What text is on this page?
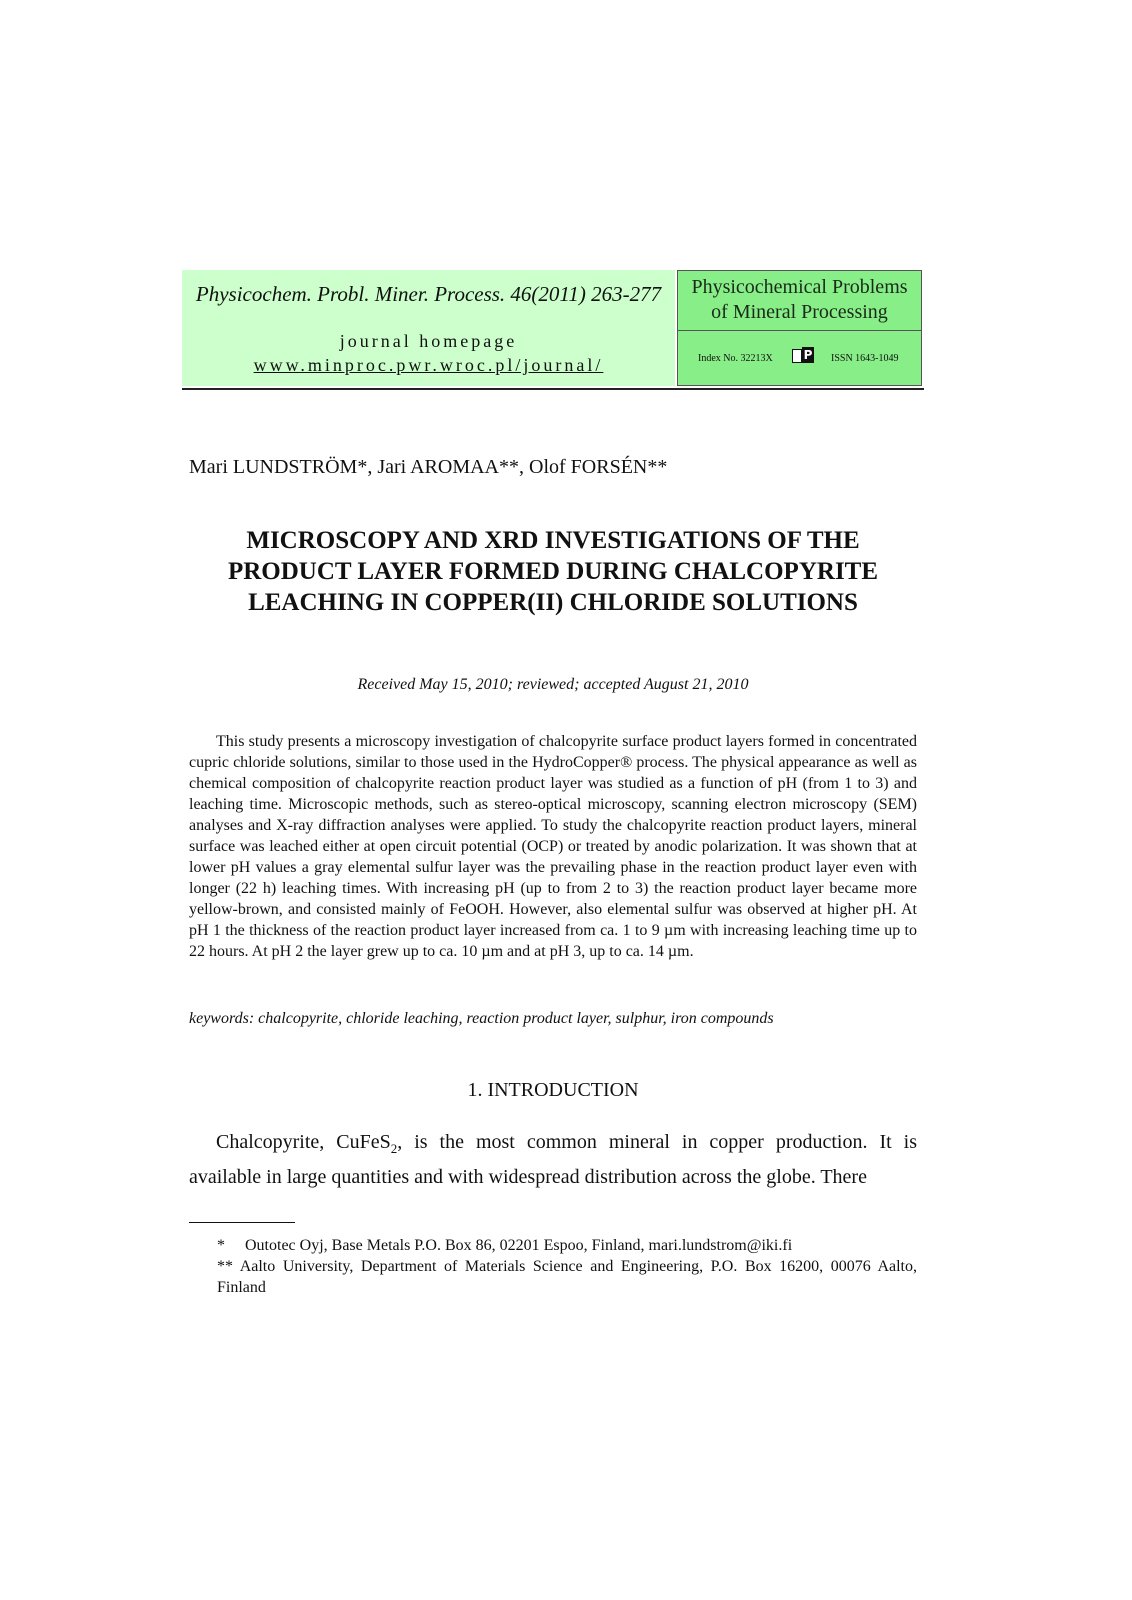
Physicochem. Probl. Miner. Process. 46(2011) 263-277
journal homepage
www.minproc.pwr.wroc.pl/journal/
Physicochemical Problems
of Mineral Processing
Index No. 32213X	P ISSN 1643-1049
Mari LUNDSTRÖM*, Jari AROMAA**, Olof FORSÉN**
MICROSCOPY AND XRD INVESTIGATIONS OF THE
PRODUCT LAYER FORMED DURING CHALCOPYRITE
LEACHING IN COPPER(II) CHLORIDE SOLUTIONS
Received May 15, 2010; reviewed; accepted August 21, 2010

This study presents a microscopy investigation of chalcopyrite surface product layers formed in concentrated cupric chloride solutions, similar to those used in the HydroCopper® process. The physical appearance as well as chemical composition of chalcopyrite reaction product layer was studied as a function of pH (from 1 to 3) and leaching time. Microscopic methods, such as stereo-optical microscopy, scanning electron microscopy (SEM) analyses and X-ray diffraction analyses were applied. To study the chalcopyrite reaction product layers, mineral surface was leached either at open circuit potential (OCP) or treated by anodic polarization. It was shown that at lower pH values a gray elemental sulfur layer was the prevailing phase in the reaction product layer even with longer (22 h) leaching times. With increasing pH (up to from 2 to 3) the reaction product layer became more yellow-brown, and consisted mainly of FeOOH. However, also elemental sulfur was observed at higher pH. At pH 1 the thickness of the reaction product layer increased from ca. 1 to 9 µm with increasing leaching time up to 22 hours. At pH 2 the layer grew up to ca. 10 µm and at pH 3, up to ca. 14 µm.

keywords: chalcopyrite, chloride leaching, reaction product layer, sulphur, iron compounds
1. INTRODUCTION

Chalcopyrite, CuFeS$_2$, is the most common mineral in copper production. It is available in large quantities and with widespread distribution across the globe. There

* Outotec Oyj, Base Metals P.O. Box 86, 02201 Espoo, Finland, mari.lundstrom@iki.fi
** Aalto University, Department of Materials Science and Engineering, P.O. Box 16200, 00076 Aalto, Finland
